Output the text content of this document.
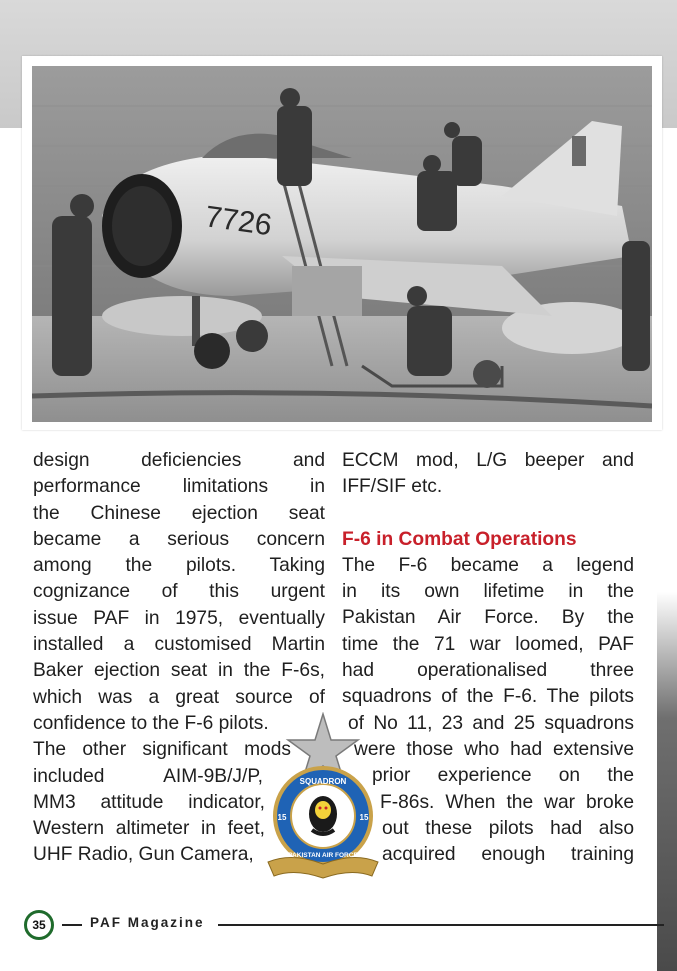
7726
design deficiencies and
performance limitations in
the Chinese ejection seat
became a serious concern
among the pilots. Taking
cognizance of this urgent
issue PAF in 1975, eventually
installed a customised Martin
Baker ejection seat in the F-6s,
which was a great source of
confidence to the F-6 pilots.
The other significant mods
included AIM-9B/J/P,
MM3 attitude indicator,
Western altimeter in feet,
UHF Radio, Gun Camera,
ECCM mod, L/G beeper and
IFF/SIF etc.
F-6 in Combat Operations
The F-6 became a legend
in its own lifetime in the
Pakistan Air Force. By the
time the 71 war loomed, PAF
had operationalised three
squadrons of the F-6. The pilots
of No 11, 23 and 25 squadrons
were those who had extensive
prior experience on the
F-86s. When the war broke
out these pilots had also
acquired enough training
SQUADRON
PAKISTAN AIR FORCE
15	15
35	PAF Magazine
